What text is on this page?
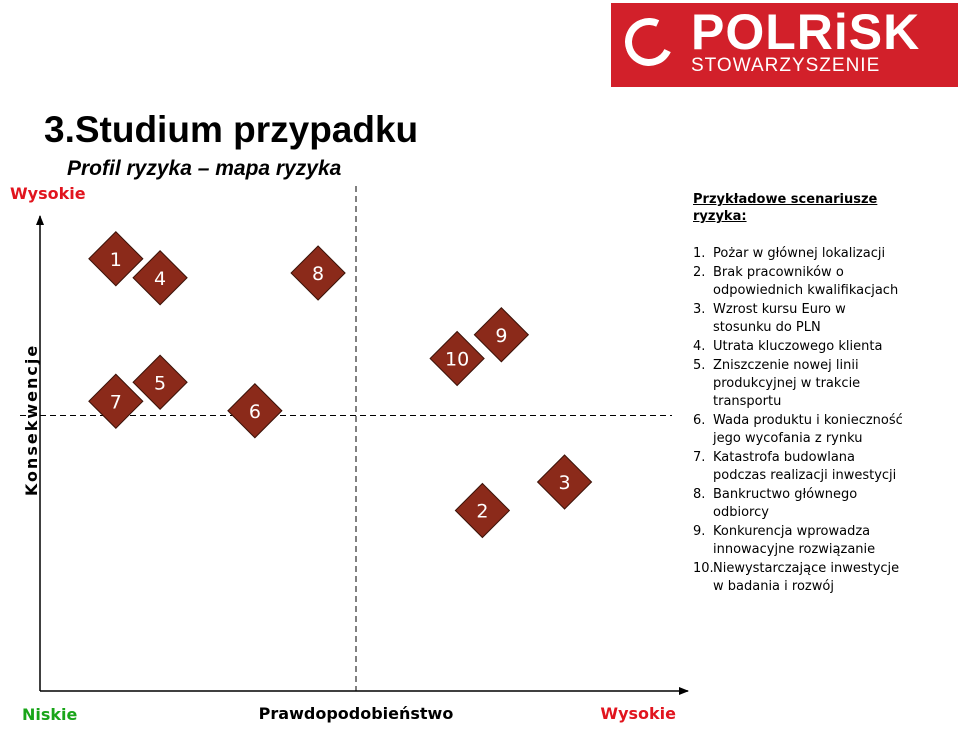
POLRiSK
STOWARZYSZENIE
3.Studium przypadku
Profil ryzyka – mapa ryzyka
Wysokie
Konsekwencje
Niskie	Prawdopodobieństwo	Wysokie
1
2
3
4
5
6
7
8
9
10
Przykładowe scenariusze ryzyka:
1. Pożar w głównej lokalizacji
2. Brak pracowników o odpowiednich kwalifikacjach
3. Wzrost kursu Euro w stosunku do PLN
4. Utrata kluczowego klienta
5. Zniszczenie nowej linii produkcyjnej w trakcie transportu
6. Wada produktu i konieczność jego wycofania z rynku
7. Katastrofa budowlana podczas realizacji inwestycji
8. Bankructwo głównego odbiorcy
9. Konkurencja wprowadza innowacyjne rozwiązanie
10. Niewystarczające inwestycje w badania i rozwój
